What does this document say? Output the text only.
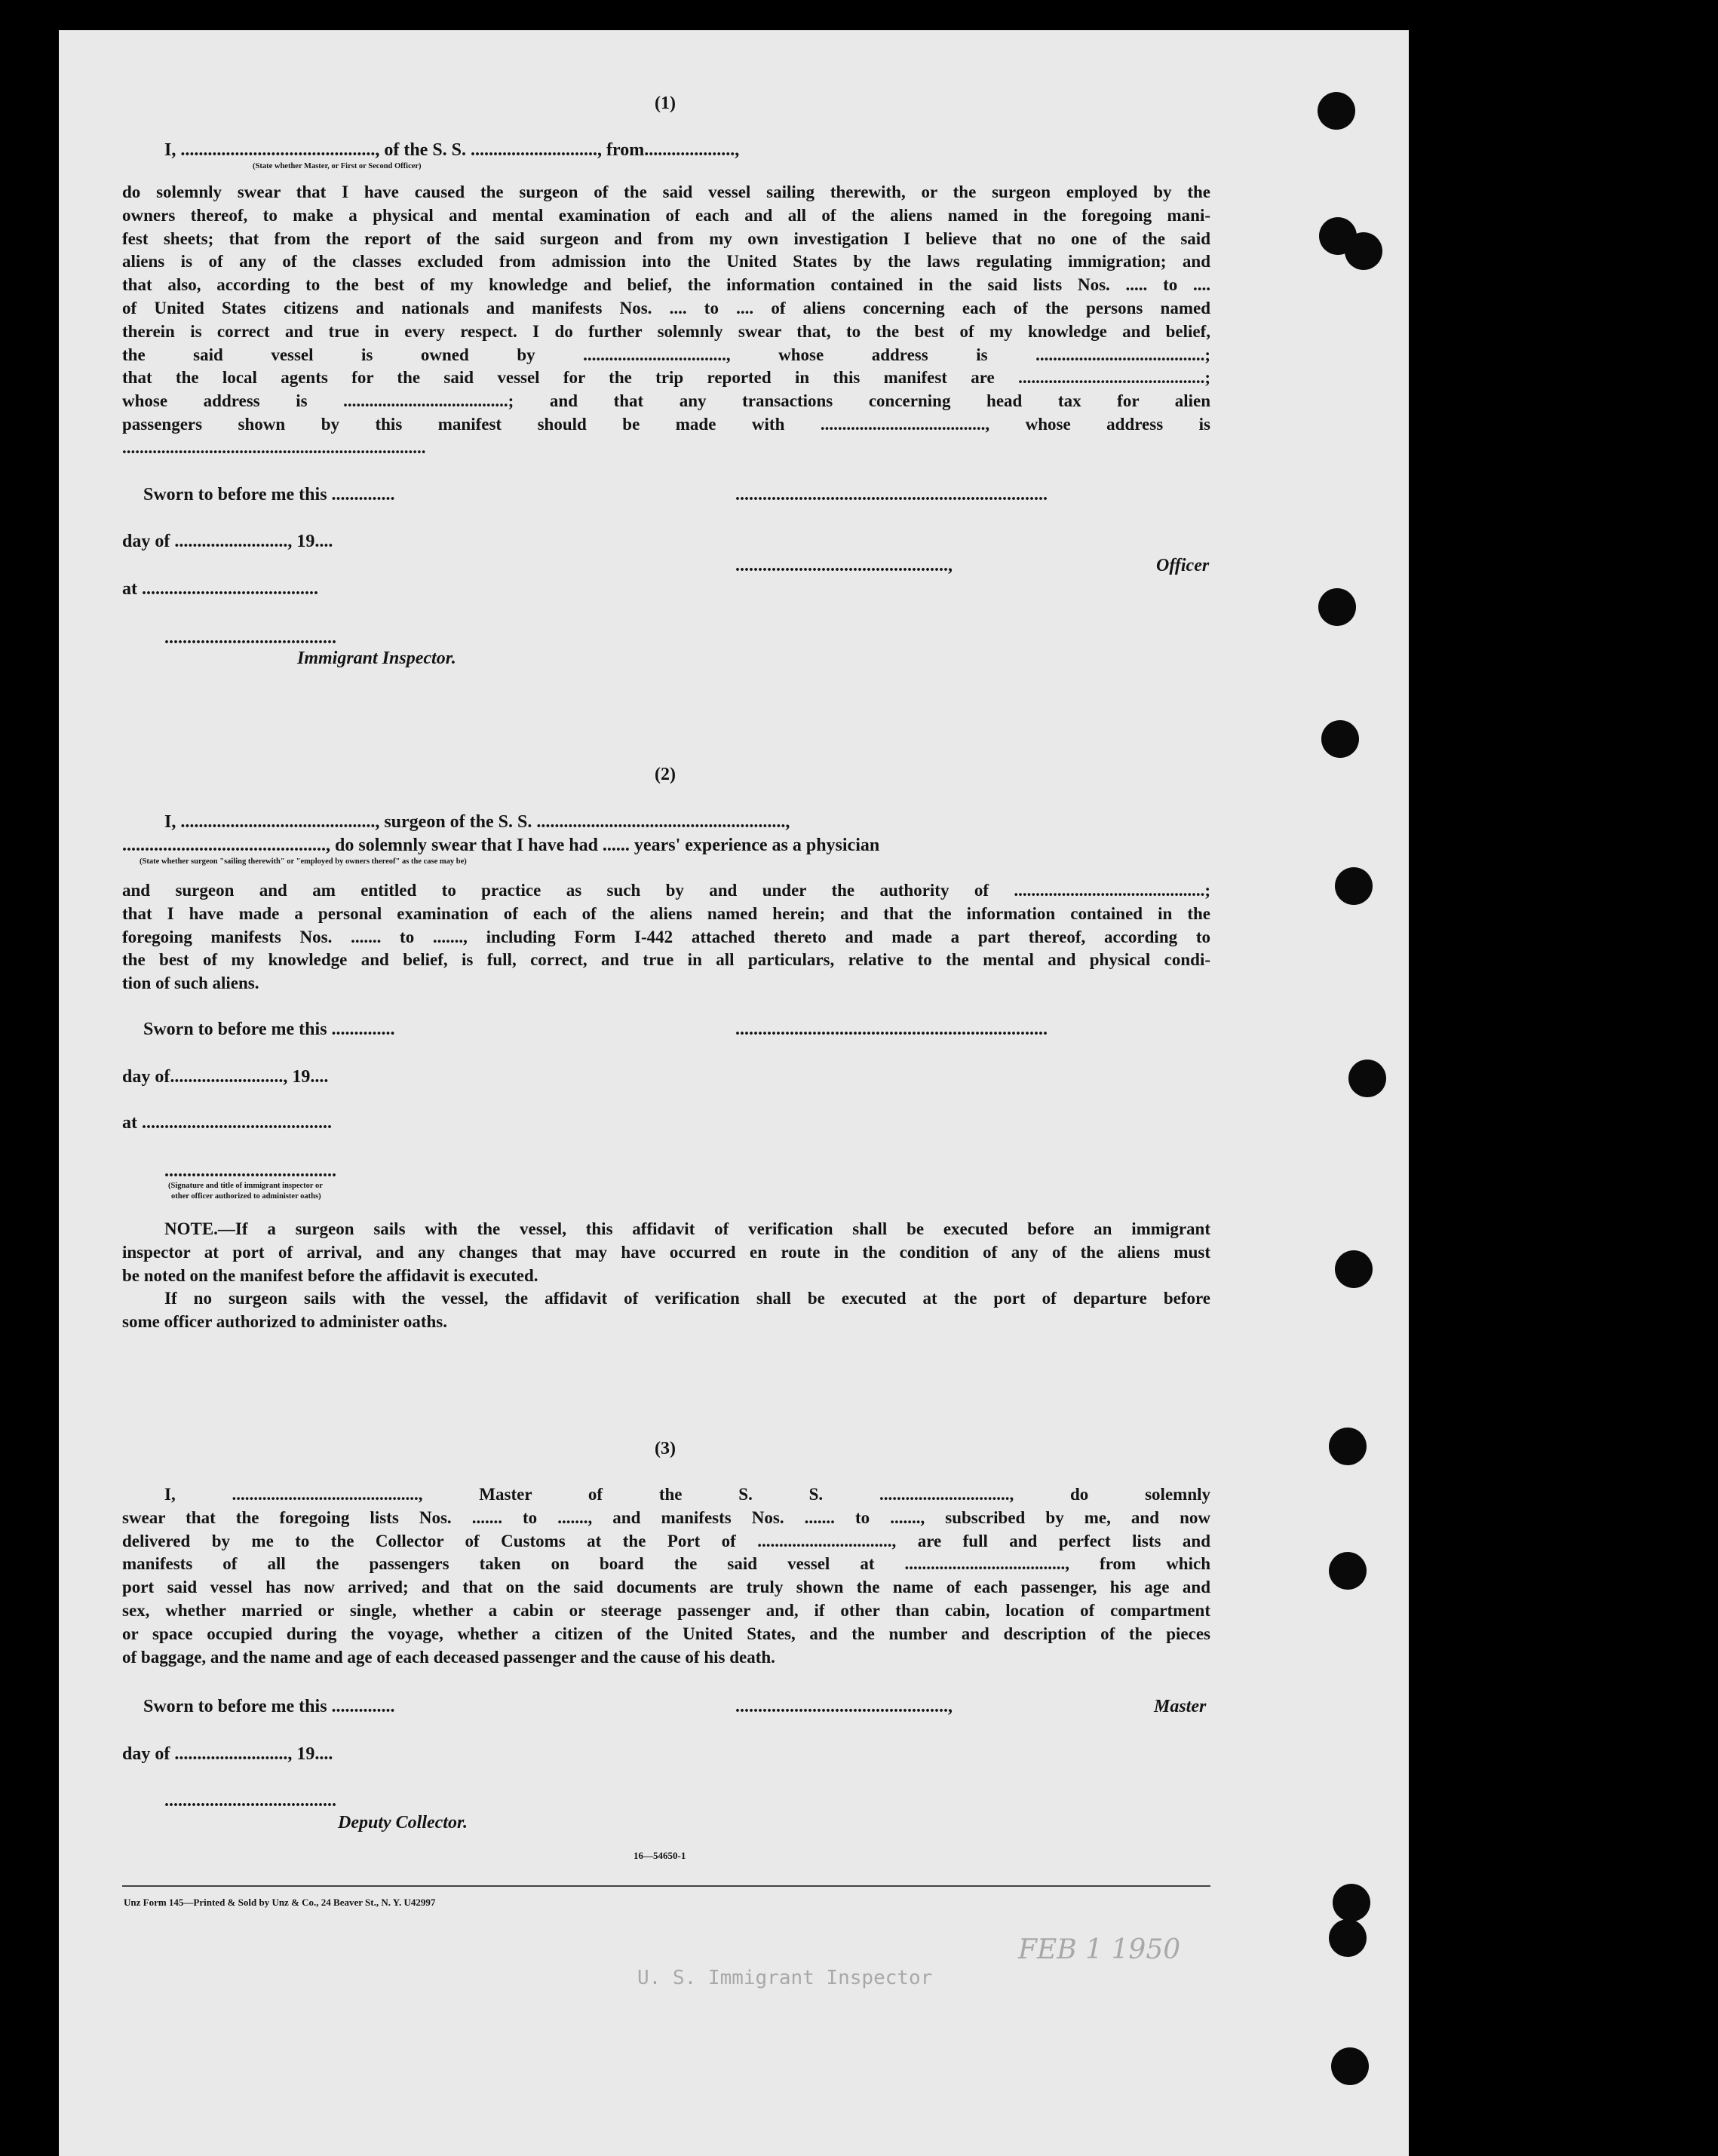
FEB 1 1950
U. S. Immigrant Inspector
(1)
I, ..........................................., of the S. S. ............................, from....................,
(State whether Master, or First or Second Officer)
do solemnly swear that I have caused the surgeon of the said vessel sailing therewith, or the surgeon employed by the
owners thereof, to make a physical and mental examination of each and all of the aliens named in the foregoing mani-
fest sheets; that from the report of the said surgeon and from my own investigation I believe that no one of the said
aliens is of any of the classes excluded from admission into the United States by the laws regulating immigration; and
that also, according to the best of my knowledge and belief, the information contained in the said lists Nos. ..... to ....
of United States citizens and nationals and manifests Nos. .... to .... of aliens concerning each of the persons named
therein is correct and true in every respect. I do further solemnly swear that, to the best of my knowledge and belief,
the said vessel is owned by ................................., whose address is .......................................;
that the local agents for the said vessel for the trip reported in this manifest are ...........................................;
whose address is ......................................; and that any transactions concerning head tax for alien
passengers shown by this manifest should be made with ......................................, whose address is
......................................................................
Sworn to before me this ..............	.....................................................................
day of ........................., 19....
...............................................,	Officer
at .......................................
......................................
Immigrant Inspector.
(2)
I, ..........................................., surgeon of the S. S. .......................................................,
............................................., do solemnly swear that I have had ...... years' experience as a physician
(State whether surgeon "sailing therewith" or "employed by owners thereof" as the case may be)
and surgeon and am entitled to practice as such by and under the authority of ............................................;
that I have made a personal examination of each of the aliens named herein; and that the information contained in the
foregoing manifests Nos. ....... to ......., including Form I-442 attached thereto and made a part thereof, according to
the best of my knowledge and belief, is full, correct, and true in all particulars, relative to the mental and physical condi-
tion of such aliens.
Sworn to before me this ..............	.....................................................................
day of........................., 19....
at ..........................................
......................................
(Signature and title of immigrant inspector or
other officer authorized to administer oaths)
NOTE.—If a surgeon sails with the vessel, this affidavit of verification shall be executed before an immigrant
inspector at port of arrival, and any changes that may have occurred en route in the condition of any of the aliens must
be noted on the manifest before the affidavit is executed.
If no surgeon sails with the vessel, the affidavit of verification shall be executed at the port of departure before
some officer authorized to administer oaths.
(3)
I, ..........................................., Master of the S. S. .............................., do solemnly
swear that the foregoing lists Nos. ....... to ......., and manifests Nos. ....... to ......., subscribed by me, and now
delivered by me to the Collector of Customs at the Port of ..............................., are full and perfect lists and
manifests of all the passengers taken on board the said vessel at ....................................., from which
port said vessel has now arrived; and that on the said documents are truly shown the name of each passenger, his age and
sex, whether married or single, whether a cabin or steerage passenger and, if other than cabin, location of compartment
or space occupied during the voyage, whether a citizen of the United States, and the number and description of the pieces
of baggage, and the name and age of each deceased passenger and the cause of his death.
Sworn to before me this ..............	...............................................,	Master
day of ........................., 19....
......................................
Deputy Collector.
16—54650-1
Unz Form 145—Printed & Sold by Unz & Co., 24 Beaver St., N. Y. U42997
